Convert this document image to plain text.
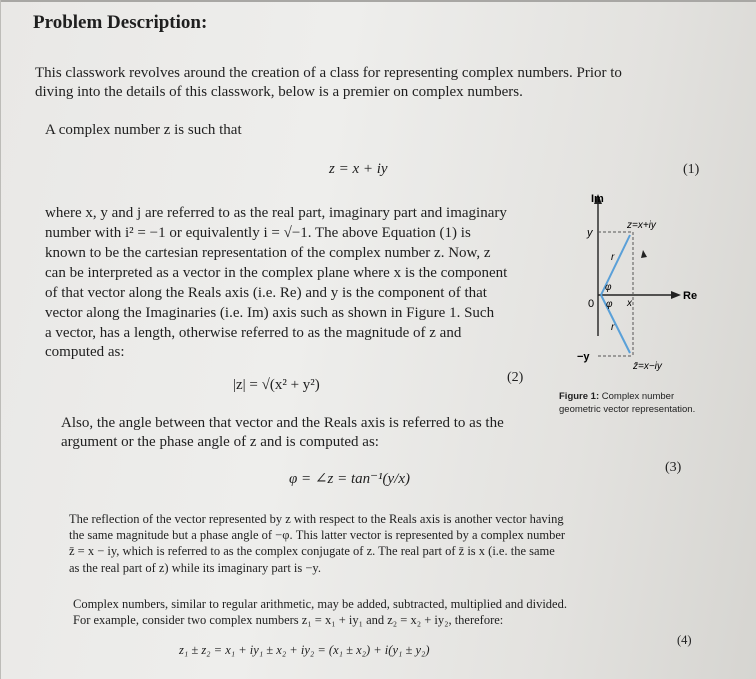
Problem Description:
This classwork revolves around the creation of a class for representing complex numbers. Prior to
diving into the details of this classwork, below is a premier on complex numbers.
A complex number z is such that
z = x + iy	(1)
where x, y and j are referred to as the real part, imaginary part and imaginary
number with i² = −1 or equivalently i = √−1. The above Equation (1) is
known to be the cartesian representation of the complex number z. Now, z
can be interpreted as a vector in the complex plane where x is the component
of that vector along the Reals axis (i.e. Re) and y is the component of that
vector along the Imaginaries (i.e. Im) axis such as shown in Figure 1. Such
a vector, has a length, otherwise referred to as the magnitude of z and
computed as:
|z| = √(x² + y²)	(2)
Also, the angle between that vector and the Reals axis is referred to as the
argument or the phase angle of z and is computed as:
φ = ∠z = tan⁻¹(y/x)
(3)
Im
Re
y
−y
0	x
φ
φ
r
r
z=x+iy
z̄=x−iy
Figure 1: Complex number
geometric vector representation.
The reflection of the vector represented by z with respect to the Reals axis is another vector having
the same magnitude but a phase angle of −φ. This latter vector is represented by a complex number
z̄ = x − iy, which is referred to as the complex conjugate of z. The real part of z̄ is x (i.e. the same
as the real part of z) while its imaginary part is −y.
Complex numbers, similar to regular arithmetic, may be added, subtracted, multiplied and divided.
For example, consider two complex numbers z₁ = x₁ + iy₁ and z₂ = x₂ + iy₂, therefore:
z₁ ± z₂ = x₁ + iy₁ ± x₂ + iy₂ = (x₁ ± x₂) + i(y₁ ± y₂)
(4)
